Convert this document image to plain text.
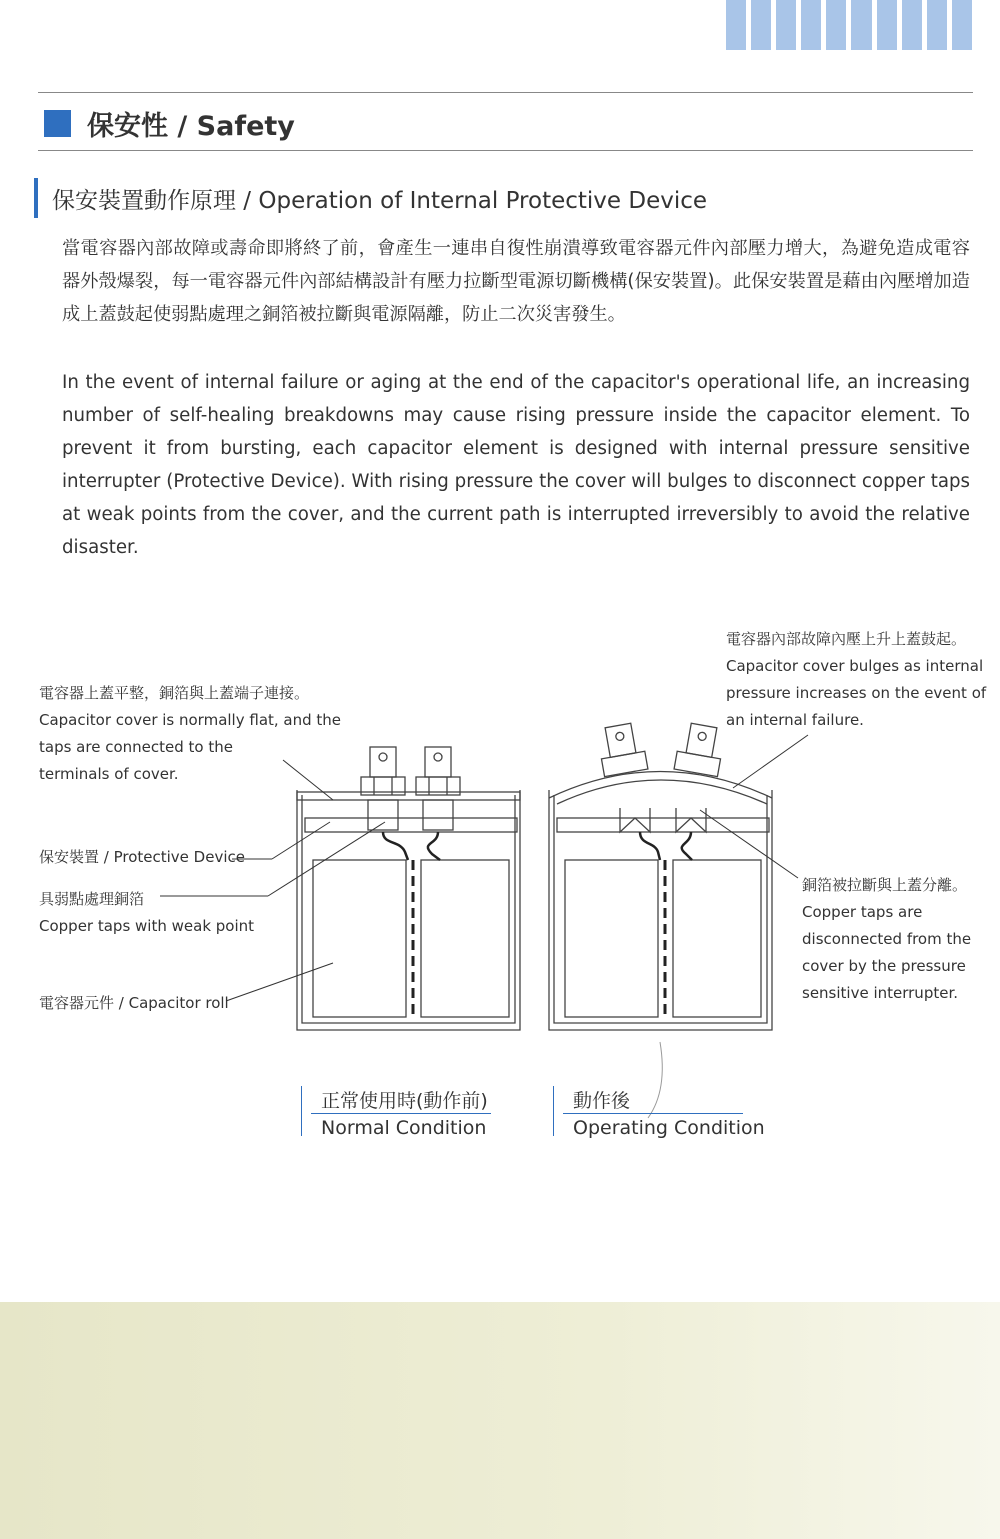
保安性 / Safety
保安裝置動作原理 / Operation of Internal Protective Device

當電容器內部故障或壽命即將終了前，會產生一連串自復性崩潰導致電容器元件內部壓力增大，為避免造成電容器外殼爆裂，每一電容器元件內部結構設計有壓力拉斷型電源切斷機構(保安裝置)。此保安裝置是藉由內壓增加造成上蓋鼓起使弱點處理之銅箔被拉斷與電源隔離，防止二次災害發生。

In the event of internal failure or aging at the end of the capacitor's operational life, an increasing number of self-healing breakdowns may cause rising pressure inside the capacitor element. To prevent it from bursting, each capacitor element is designed with internal pressure sensitive interrupter (Protective Device). With rising pressure the cover will bulges to disconnect copper taps at weak points from the cover, and the current path is interrupted irreversibly to avoid the relative disaster.

電容器上蓋平整，銅箔與上蓋端子連接。
Capacitor cover is normally flat, and the
taps are connected to the
terminals of cover.
電容器內部故障內壓上升上蓋鼓起。
Capacitor cover bulges as internal
pressure increases on the event of
an internal failure.
保安裝置 / Protective Device
具弱點處理銅箔
Copper taps with weak point
電容器元件 / Capacitor roll
銅箔被拉斷與上蓋分離。
Copper taps are
disconnected from the
cover by the pressure
sensitive interrupter.
正常使用時(動作前)
Normal Condition
動作後
Operating Condition
